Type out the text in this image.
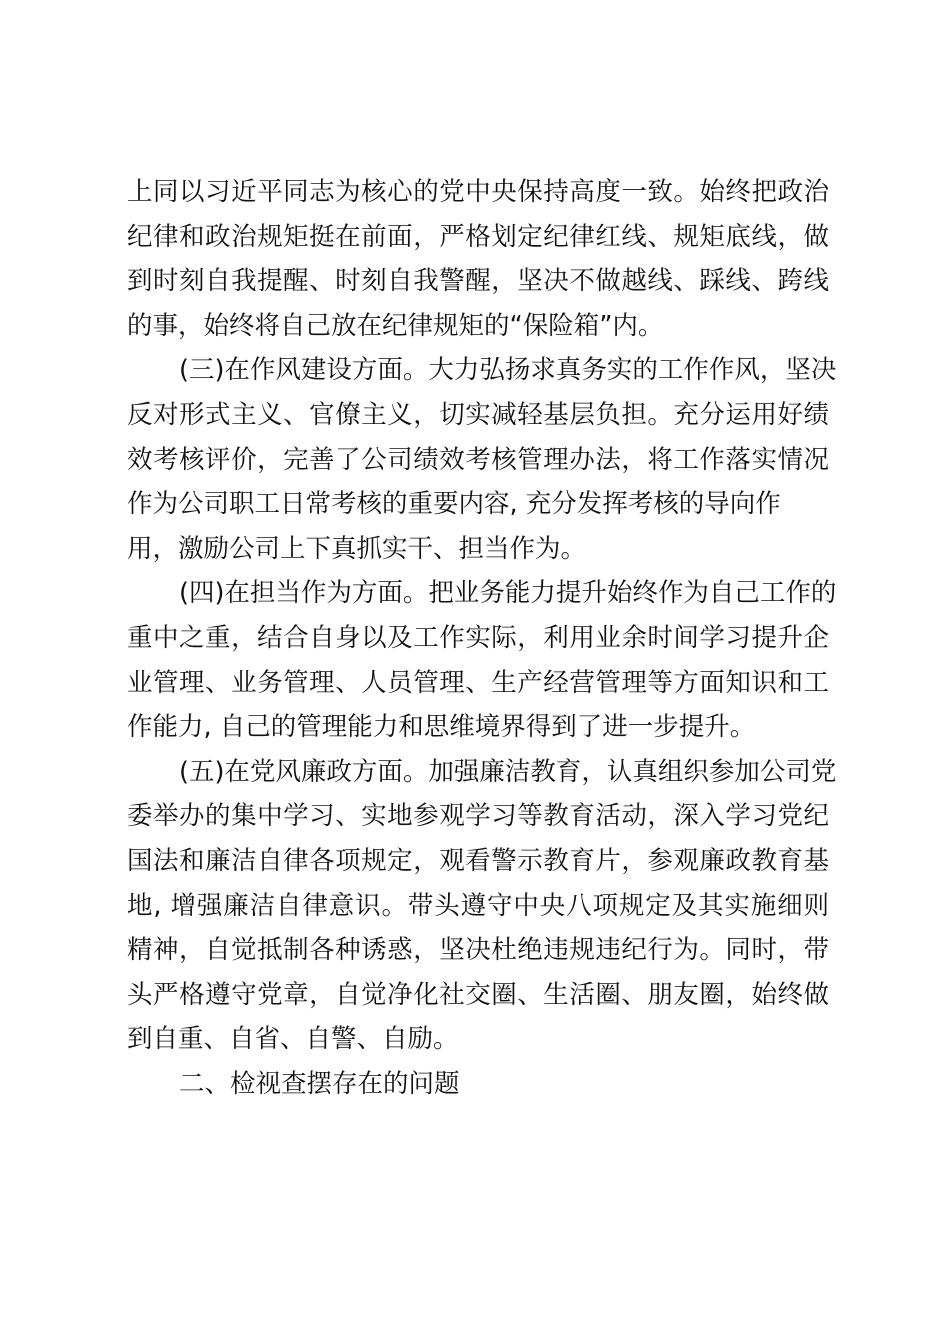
上同以习近平同志为核心的党中央保持高度一致。始终把政治
纪律和政治规矩挺在前面，严格划定纪律红线、规矩底线，做
到时刻自我提醒、时刻自我警醒，坚决不做越线、踩线、跨线
的事，始终将自己放在纪律规矩的“保险箱”内。
(三)在作风建设方面。大力弘扬求真务实的工作作风，坚决
反对形式主义、官僚主义，切实减轻基层负担。充分运用好绩
效考核评价，完善了公司绩效考核管理办法，将工作落实情况
作为公司职工日常考核的重要内容, 充分发挥考核的导向作
用，激励公司上下真抓实干、担当作为。
(四)在担当作为方面。把业务能力提升始终作为自己工作的
重中之重，结合自身以及工作实际，利用业余时间学习提升企
业管理、业务管理、人员管理、生产经营管理等方面知识和工
作能力, 自己的管理能力和思维境界得到了进一步提升。
(五)在党风廉政方面。加强廉洁教育，认真组织参加公司党
委举办的集中学习、实地参观学习等教育活动，深入学习党纪
国法和廉洁自律各项规定，观看警示教育片，参观廉政教育基
地, 增强廉洁自律意识。带头遵守中央八项规定及其实施细则
精神，自觉抵制各种诱惑，坚决杜绝违规违纪行为。同时，带
头严格遵守党章，自觉净化社交圈、生活圈、朋友圈，始终做
到自重、自省、自警、自励。
二、检视查摆存在的问题
